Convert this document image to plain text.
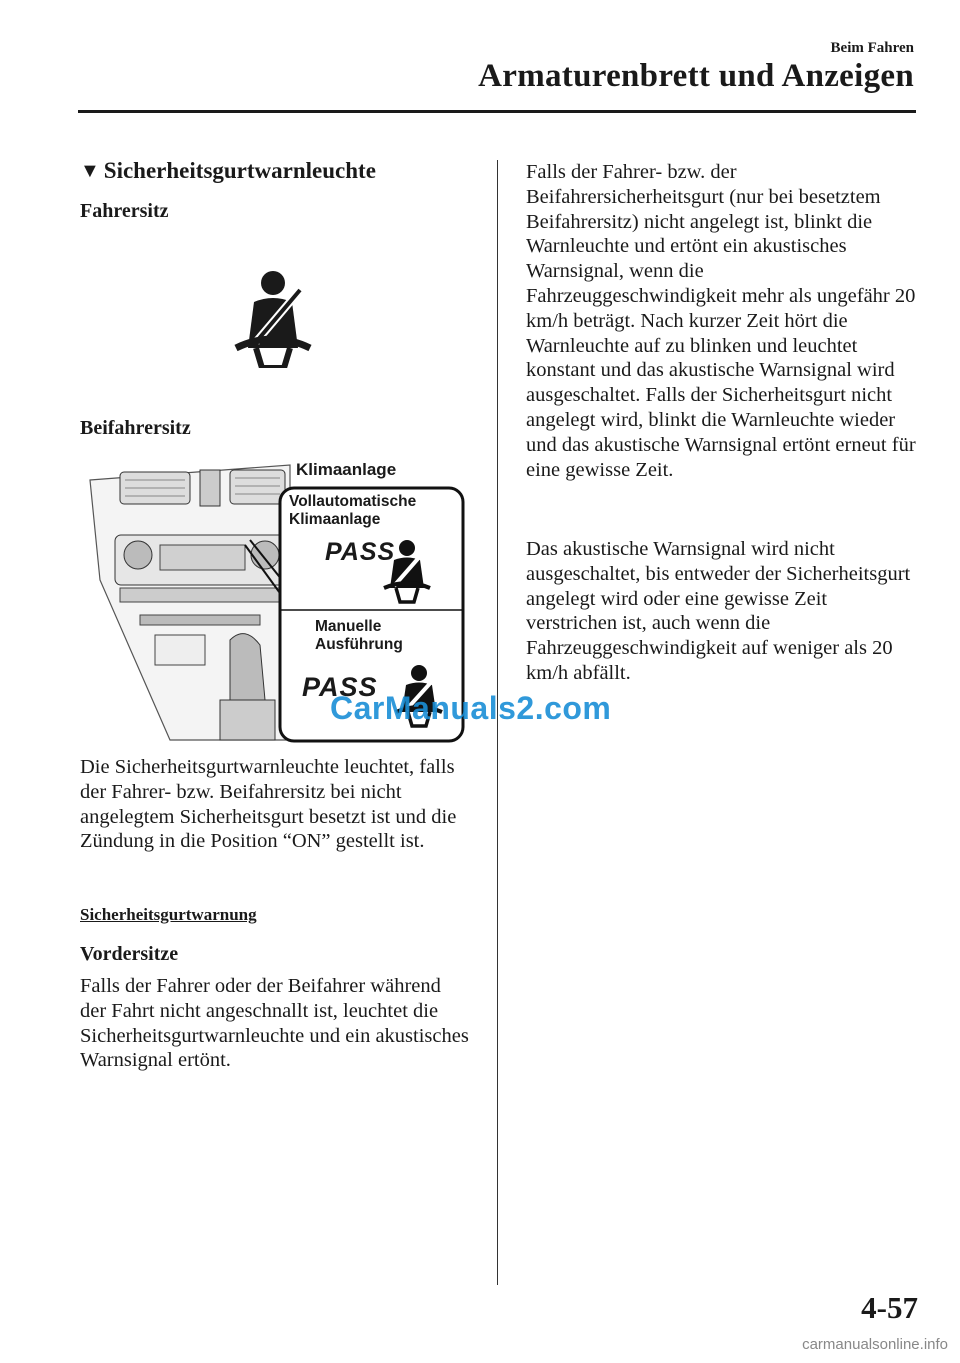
Beim Fahren
Armaturenbrett und Anzeigen
▼ Sicherheitsgurtwarnleuchte
Fahrersitz
Beifahrersitz
Klimaanlage
Vollautomatische
Klimaanlage
PASS
Manuelle
Ausführung
PASS
CarManuals2.com
Die Sicherheitsgurtwarnleuchte leuchtet, falls der Fahrer- bzw. Beifahrersitz bei nicht angelegtem Sicherheitsgurt besetzt ist und die Zündung in die Position “ON” gestellt ist.
Sicherheitsgurtwarnung
Vordersitze
Falls der Fahrer oder der Beifahrer während der Fahrt nicht angeschnallt ist, leuchtet die Sicherheitsgurtwarnleuchte und ein akustisches Warnsignal ertönt.
Falls der Fahrer- bzw. der Beifahrersicherheitsgurt (nur bei besetztem Beifahrersitz) nicht angelegt ist, blinkt die Warnleuchte und ertönt ein akustisches Warnsignal, wenn die Fahrzeuggeschwindigkeit mehr als ungefähr 20 km/h beträgt. Nach kurzer Zeit hört die Warnleuchte auf zu blinken und leuchtet konstant und das akustische Warnsignal wird ausgeschaltet. Falls der Sicherheitsgurt nicht angelegt wird, blinkt die Warnleuchte wieder und das akustische Warnsignal ertönt erneut für eine gewisse Zeit.
Das akustische Warnsignal wird nicht ausgeschaltet, bis entweder der Sicherheitsgurt angelegt wird oder eine gewisse Zeit verstrichen ist, auch wenn die Fahrzeuggeschwindigkeit auf weniger als 20 km/h abfällt.
4-57
carmanualsonline.info
